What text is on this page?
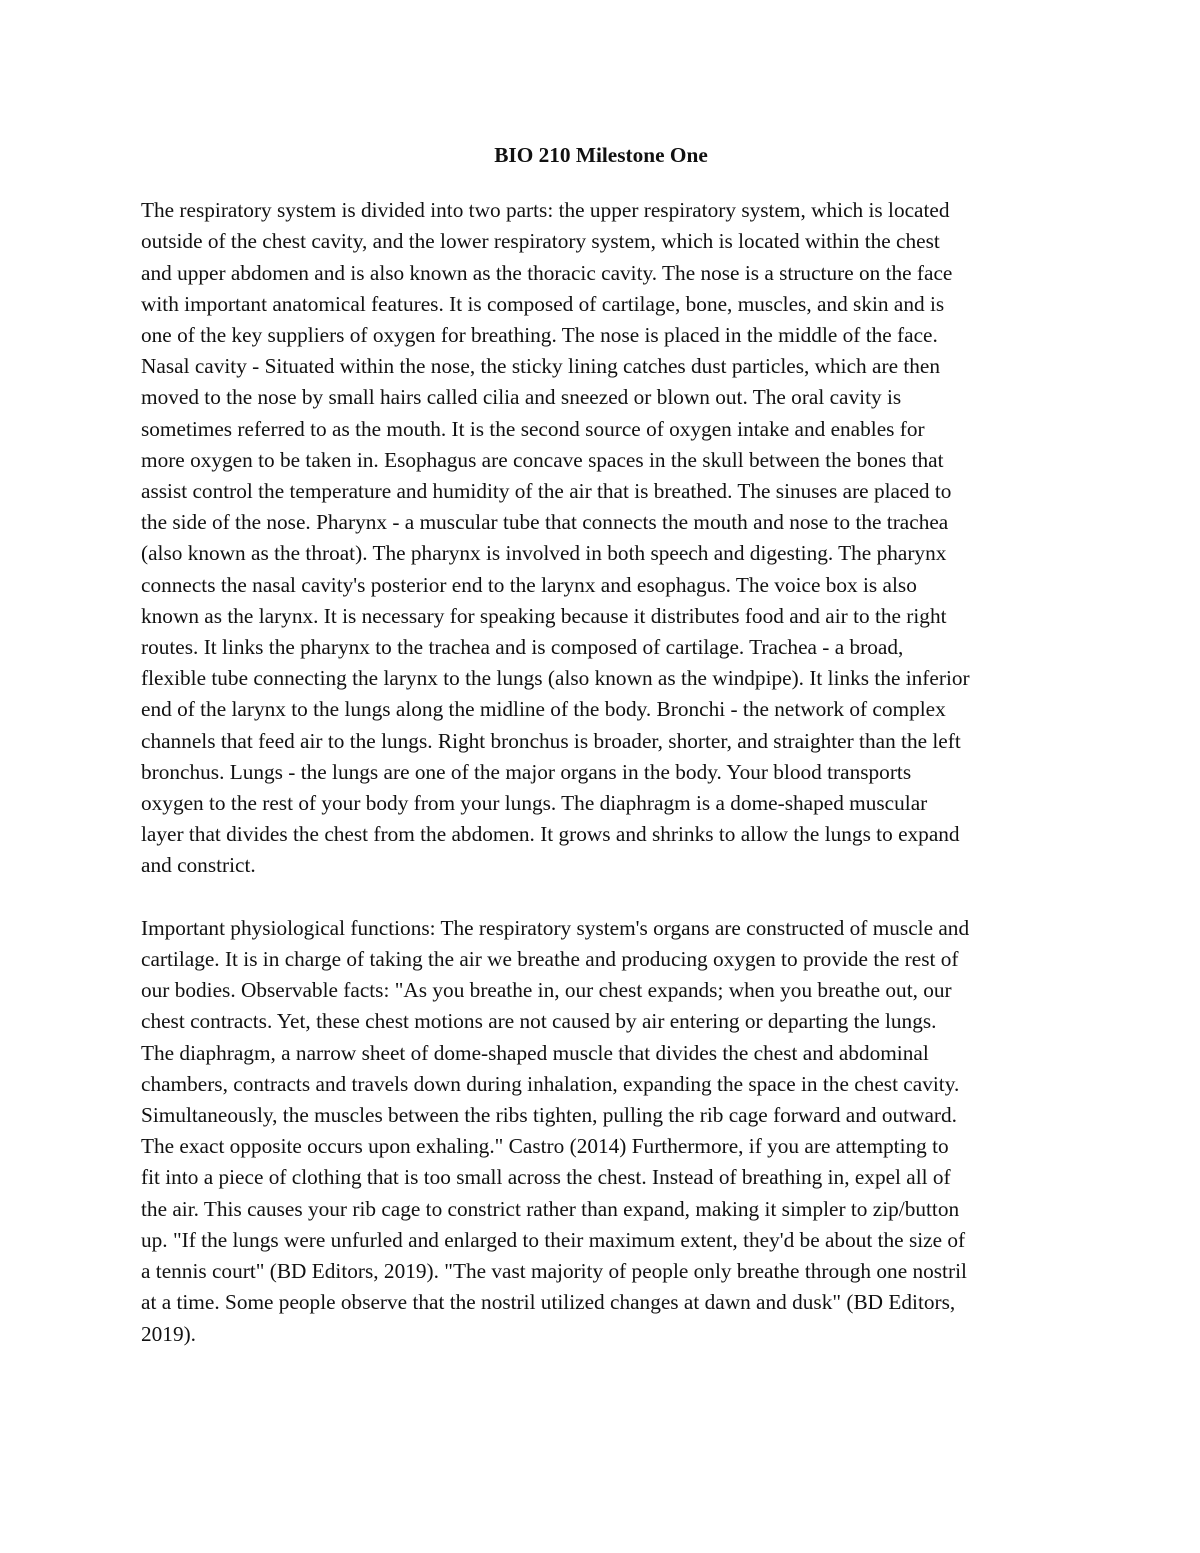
BIO 210 Milestone One
The respiratory system is divided into two parts: the upper respiratory system, which is located
outside of the chest cavity, and the lower respiratory system, which is located within the chest
and upper abdomen and is also known as the thoracic cavity. The nose is a structure on the face
with important anatomical features. It is composed of cartilage, bone, muscles, and skin and is
one of the key suppliers of oxygen for breathing. The nose is placed in the middle of the face.
Nasal cavity - Situated within the nose, the sticky lining catches dust particles, which are then
moved to the nose by small hairs called cilia and sneezed or blown out. The oral cavity is
sometimes referred to as the mouth. It is the second source of oxygen intake and enables for
more oxygen to be taken in. Esophagus are concave spaces in the skull between the bones that
assist control the temperature and humidity of the air that is breathed. The sinuses are placed to
the side of the nose. Pharynx - a muscular tube that connects the mouth and nose to the trachea
(also known as the throat). The pharynx is involved in both speech and digesting. The pharynx
connects the nasal cavity's posterior end to the larynx and esophagus. The voice box is also
known as the larynx. It is necessary for speaking because it distributes food and air to the right
routes. It links the pharynx to the trachea and is composed of cartilage. Trachea - a broad,
flexible tube connecting the larynx to the lungs (also known as the windpipe). It links the inferior
end of the larynx to the lungs along the midline of the body. Bronchi - the network of complex
channels that feed air to the lungs. Right bronchus is broader, shorter, and straighter than the left
bronchus. Lungs - the lungs are one of the major organs in the body. Your blood transports
oxygen to the rest of your body from your lungs. The diaphragm is a dome-shaped muscular
layer that divides the chest from the abdomen. It grows and shrinks to allow the lungs to expand
and constrict.
Important physiological functions: The respiratory system's organs are constructed of muscle and
cartilage. It is in charge of taking the air we breathe and producing oxygen to provide the rest of
our bodies. Observable facts: "As you breathe in, our chest expands; when you breathe out, our
chest contracts. Yet, these chest motions are not caused by air entering or departing the lungs.
The diaphragm, a narrow sheet of dome-shaped muscle that divides the chest and abdominal
chambers, contracts and travels down during inhalation, expanding the space in the chest cavity.
Simultaneously, the muscles between the ribs tighten, pulling the rib cage forward and outward.
The exact opposite occurs upon exhaling." Castro (2014) Furthermore, if you are attempting to
fit into a piece of clothing that is too small across the chest. Instead of breathing in, expel all of
the air. This causes your rib cage to constrict rather than expand, making it simpler to zip/button
up. "If the lungs were unfurled and enlarged to their maximum extent, they'd be about the size of
a tennis court" (BD Editors, 2019). "The vast majority of people only breathe through one nostril
at a time. Some people observe that the nostril utilized changes at dawn and dusk" (BD Editors,
2019).
